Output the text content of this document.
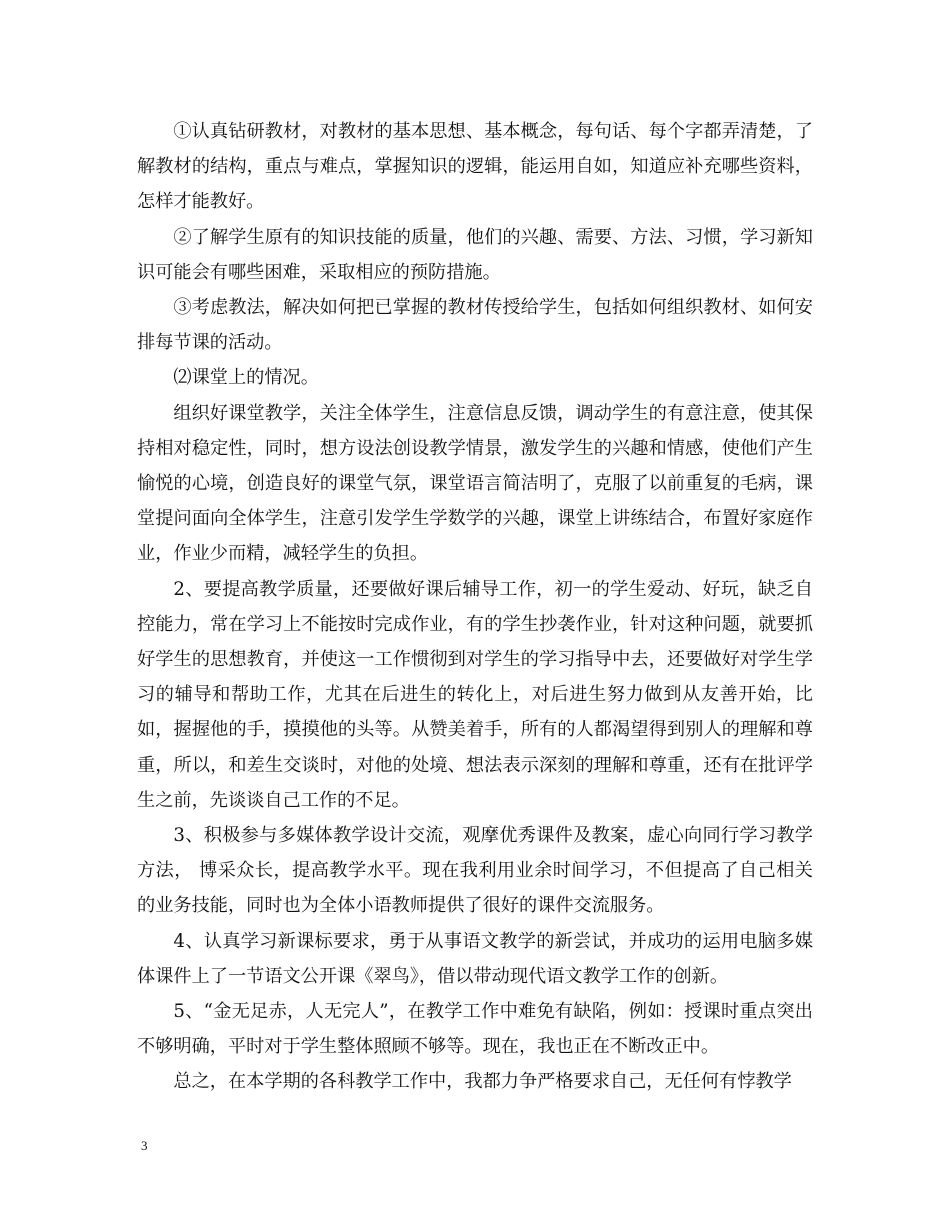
①认真钻研教材，对教材的基本思想、基本概念，每句话、每个字都弄清楚，了解教材的结构，重点与难点，掌握知识的逻辑，能运用自如，知道应补充哪些资料，怎样才能教好。

②了解学生原有的知识技能的质量，他们的兴趣、需要、方法、习惯，学习新知识可能会有哪些困难，采取相应的预防措施。

③考虑教法，解决如何把已掌握的教材传授给学生，包括如何组织教材、如何安排每节课的活动。

⑵课堂上的情况。

组织好课堂教学，关注全体学生，注意信息反馈，调动学生的有意注意，使其保持相对稳定性，同时，想方设法创设教学情景，激发学生的兴趣和情感，使他们产生愉悦的心境，创造良好的课堂气氛，课堂语言简洁明了，克服了以前重复的毛病，课堂提问面向全体学生，注意引发学生学数学的兴趣，课堂上讲练结合，布置好家庭作业，作业少而精，减轻学生的负担。

2、要提高教学质量，还要做好课后辅导工作，初一的学生爱动、好玩，缺乏自控能力，常在学习上不能按时完成作业，有的学生抄袭作业，针对这种问题，就要抓好学生的思想教育，并使这一工作惯彻到对学生的学习指导中去，还要做好对学生学习的辅导和帮助工作，尤其在后进生的转化上，对后进生努力做到从友善开始，比如，握握他的手，摸摸他的头等。从赞美着手，所有的人都渴望得到别人的理解和尊重，所以，和差生交谈时，对他的处境、想法表示深刻的理解和尊重，还有在批评学生之前，先谈谈自己工作的不足。

3、积极参与多媒体教学设计交流，观摩优秀课件及教案，虚心向同行学习教学方法， 博采众长，提高教学水平。现在我利用业余时间学习，不但提高了自己相关的业务技能，同时也为全体小语教师提供了很好的课件交流服务。

4、认真学习新课标要求，勇于从事语文教学的新尝试，并成功的运用电脑多媒体课件上了一节语文公开课《翠鸟》，借以带动现代语文教学工作的创新。

5、“金无足赤，人无完人”，在教学工作中难免有缺陷，例如：授课时重点突出不够明确，平时对于学生整体照顾不够等。现在，我也正在不断改正中。

总之，在本学期的各科教学工作中，我都力争严格要求自己，无任何有悖教学

3
